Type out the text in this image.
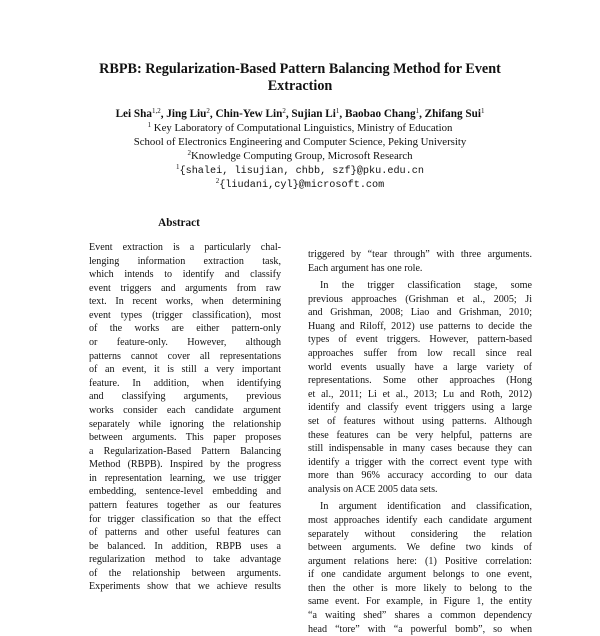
RBPB: Regularization-Based Pattern Balancing Method for Event
Extraction

Lei Sha$^{1,2}$, Jing Liu$^2$, Chin-Yew Lin$^2$, Sujian Li$^1$, Baobao Chang$^1$, Zhifang Sui$^1$

$^1$ Key Laboratory of Computational Linguistics, Ministry of Education

School of Electronics Engineering and Computer Science, Peking University

$^2$Knowledge Computing Group, Microsoft Research

$^1${shalei, lisujian, chbb, szf}@pku.edu.cn

$^2${liudani,cyl}@microsoft.com

Abstract
Event extraction is a particularly chal-
lenging information extraction task,
which intends to identify and classify
event triggers and arguments from raw
text. In recent works, when determining
event types (trigger classification), most
of the works are either pattern-only
or feature-only. However, although
patterns cannot cover all representations
of an event, it is still a very important
feature. In addition, when identifying
and classifying arguments, previous
works consider each candidate argument
separately while ignoring the relationship
between arguments. This paper proposes
a Regularization-Based Pattern Balancing
Method (RBPB). Inspired by the progress
in representation learning, we use trigger
embedding, sentence-level embedding and
pattern features together as our features
for trigger classification so that the effect
of patterns and other useful features can
be balanced. In addition, RBPB uses a
regularization method to take advantage
of the relationship between arguments.
Experiments show that we achieve results
triggered by “tear through” with three arguments.
Each argument has one role.
In the trigger classification stage, some
previous approaches (Grishman et al., 2005; Ji
and Grishman, 2008; Liao and Grishman, 2010;
Huang and Riloff, 2012) use patterns to decide the
types of event triggers. However, pattern-based
approaches suffer from low recall since real
world events usually have a large variety of
representations. Some other approaches (Hong
et al., 2011; Li et al., 2013; Lu and Roth, 2012)
identify and classify event triggers using a large
set of features without using patterns. Although
these features can be very helpful, patterns are
still indispensable in many cases because they can
identify a trigger with the correct event type with
more than 96% accuracy according to our data
analysis on ACE 2005 data sets.
In argument identification and classification,
most approaches identify each candidate argument
separately without considering the relation
between arguments. We define two kinds of
argument relations here: (1) Positive correlation:
if one candidate argument belongs to one event,
then the other is more likely to belong to the
same event. For example, in Figure 1, the entity
“a waiting shed” shares a common dependency
head “tore” with “a powerful bomb”, so when
